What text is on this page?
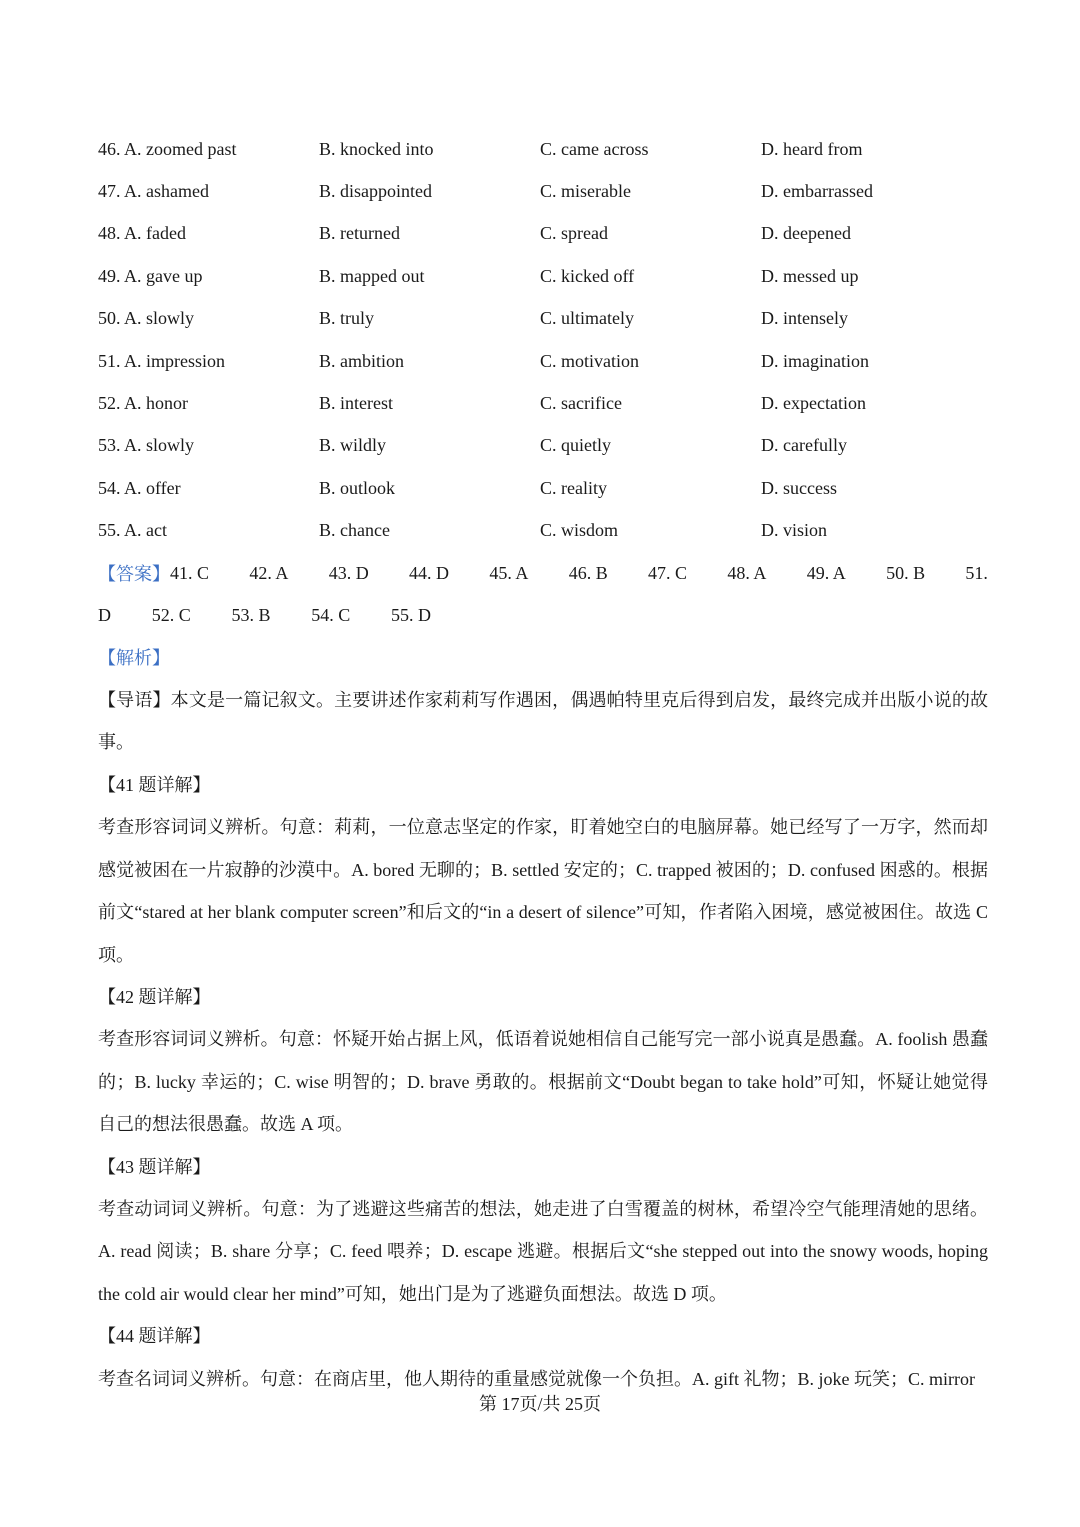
46. A. zoomed past	B. knocked into	C. came across	D. heard from
47. A. ashamed	B. disappointed	C. miserable	D. embarrassed
48. A. faded	B. returned	C. spread	D. deepened
49. A. gave up	B. mapped out	C. kicked off	D. messed up
50. A. slowly	B. truly	C. ultimately	D. intensely
51. A. impression	B. ambition	C. motivation	D. imagination
52. A. honor	B. interest	C. sacrifice	D. expectation
53. A. slowly	B. wildly	C. quietly	D. carefully
54. A. offer	B. outlook	C. reality	D. success
55. A. act	B. chance	C. wisdom	D. vision
【答案】 41. C 42. A 43. D 44. D 45. A 46. B 47. C 48. A 49. A 50. B 51.
D 52. C 53. B 54. C 55. D
【解析】
【导语】本文是一篇记叙文。主要讲述作家莉莉写作遇困，偶遇帕特里克后得到启发，最终完成并出版小说的故事。
【41 题详解】
考查形容词词义辨析。句意：莉莉，一位意志坚定的作家，盯着她空白的电脑屏幕。她已经写了一万字，然而却感觉被困在一片寂静的沙漠中。A. bored 无聊的；B. settled 安定的；C. trapped 被困的；D. confused 困惑的。根据前文“stared at her blank computer screen”和后文的“in a desert of silence”可知，作者陷入困境，感觉被困住。故选 C 项。
【42 题详解】
考查形容词词义辨析。句意：怀疑开始占据上风，低语着说她相信自己能写完一部小说真是愚蠢。A. foolish 愚蠢的；B. lucky 幸运的；C. wise 明智的；D. brave 勇敢的。根据前文“Doubt began to take hold”可知，怀疑让她觉得自己的想法很愚蠢。故选 A 项。
【43 题详解】
考查动词词义辨析。句意：为了逃避这些痛苦的想法，她走进了白雪覆盖的树林，希望冷空气能理清她的思绪。A. read 阅读；B. share 分享；C. feed 喂养；D. escape 逃避。根据后文“she stepped out into the snowy woods, hoping the cold air would clear her mind”可知，她出门是为了逃避负面想法。故选 D 项。
【44 题详解】
考查名词词义辨析。句意：在商店里，他人期待的重量感觉就像一个负担。A. gift 礼物；B. joke 玩笑；C. mirror
第 17页/共 25页
